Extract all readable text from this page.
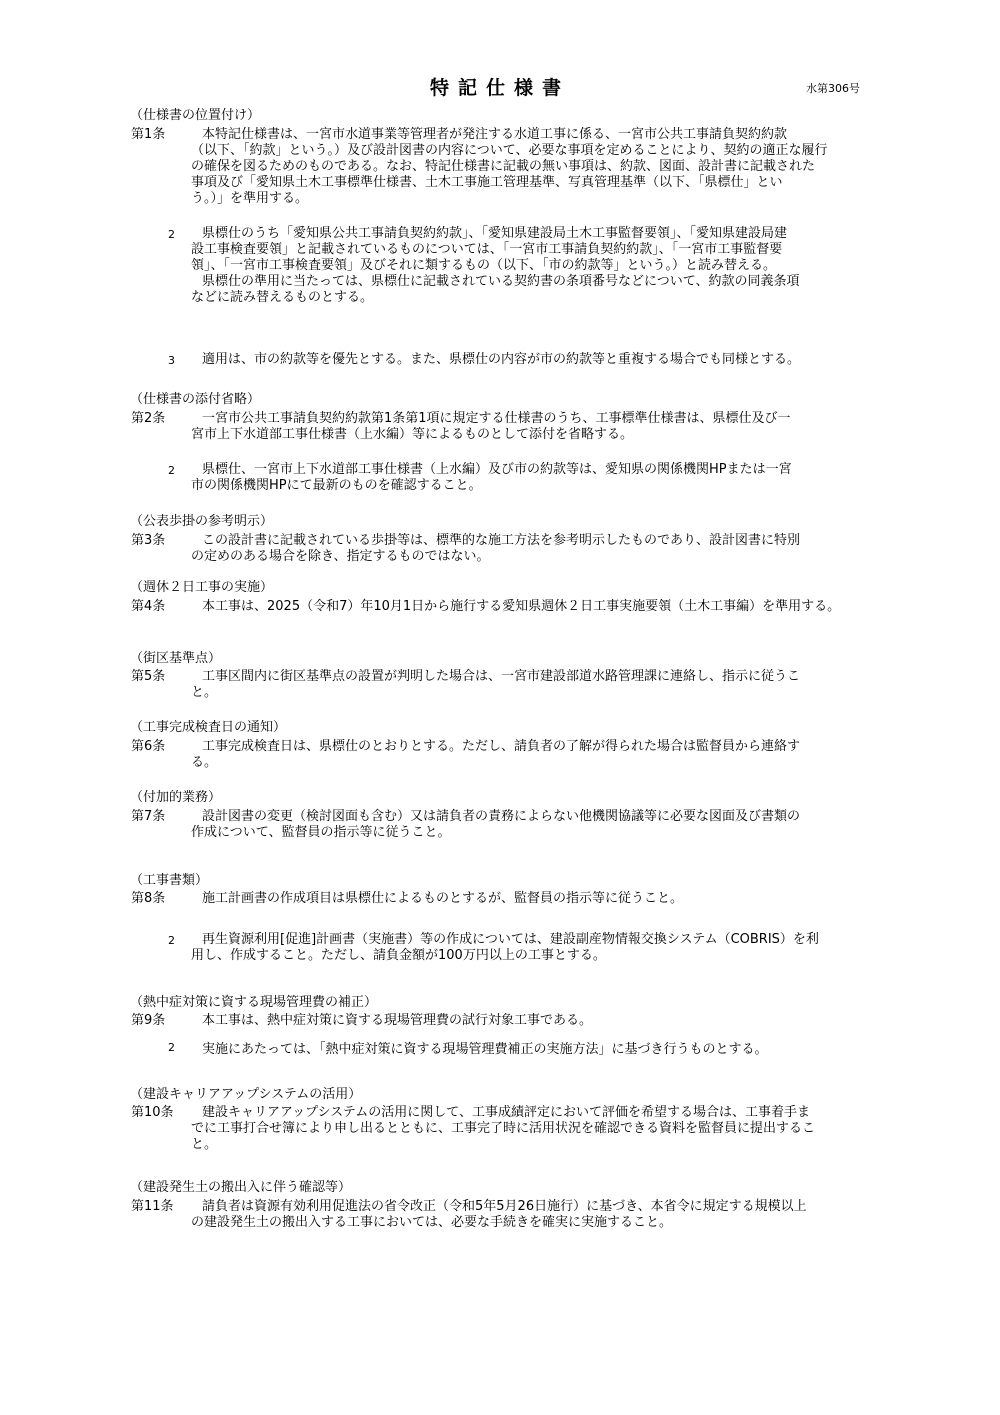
特記仕様書	水第306号
（仕様書の位置付け）
第1条	本特記仕様書は、一宮市水道事業等管理者が発注する水道工事に係る、一宮市公共工事請負契約約款
（以下、「約款」という。）及び設計図書の内容について、必要な事項を定めることにより、契約の適正な履行
の確保を図るためのものである。なお、特記仕様書に記載の無い事項は、約款、図面、設計書に記載された
事項及び「愛知県土木工事標準仕様書、土木工事施工管理基準、写真管理基準（以下、「県標仕」とい
う。）」を準用する。
2	県標仕のうち「愛知県公共工事請負契約約款」、「愛知県建設局土木工事監督要領」、「愛知県建設局建
設工事検査要領」と記載されているものについては、「一宮市工事請負契約約款」、「一宮市工事監督要
領」、「一宮市工事検査要領」及びそれに類するもの（以下、「市の約款等」という。）と読み替える。
県標仕の準用に当たっては、県標仕に記載されている契約書の条項番号などについて、約款の同義条項
などに読み替えるものとする。
3 適用は、市の約款等を優先とする。また、県標仕の内容が市の約款等と重複する場合でも同様とする。
（仕様書の添付省略）
第2条	一宮市公共工事請負契約約款第1条第1項に規定する仕様書のうち、工事標準仕様書は、県標仕及び一
宮市上下水道部工事仕様書（上水編）等によるものとして添付を省略する。
2	県標仕、一宮市上下水道部工事仕様書（上水編）及び市の約款等は、愛知県の関係機関HPまたは一宮
市の関係機関HPにて最新のものを確認すること。
（公表歩掛の参考明示）
第3条	この設計書に記載されている歩掛等は、標準的な施工方法を参考明示したものであり、設計図書に特別
の定めのある場合を除き、指定するものではない。
（週休２日工事の実施）
第4条	本工事は、2025（令和7）年10月1日から施行する愛知県週休２日工事実施要領（土木工事編）を準用する。
（街区基準点）
第5条	工事区間内に街区基準点の設置が判明した場合は、一宮市建設部道水路管理課に連絡し、指示に従うこ
と。
（工事完成検査日の通知）
第6条	工事完成検査日は、県標仕のとおりとする。ただし、請負者の了解が得られた場合は監督員から連絡す
る。
（付加的業務）
第7条	設計図書の変更（検討図面も含む）又は請負者の責務によらない他機関協議等に必要な図面及び書類の
作成について、監督員の指示等に従うこと。
（工事書類）
第8条	施工計画書の作成項目は県標仕によるものとするが、監督員の指示等に従うこと。
2	再生資源利用[促進]計画書（実施書）等の作成については、建設副産物情報交換システム（COBRIS）を利
用し、作成すること。ただし、請負金額が100万円以上の工事とする。
（熱中症対策に資する現場管理費の補正）
第9条	本工事は、熱中症対策に資する現場管理費の試行対象工事である。
2 実施にあたっては、「熱中症対策に資する現場管理費補正の実施方法」に基づき行うものとする。
（建設キャリアアップシステムの活用）
第10条	建設キャリアアップシステムの活用に関して、工事成績評定において評価を希望する場合は、工事着手ま
でに工事打合せ簿により申し出るとともに、工事完了時に活用状況を確認できる資料を監督員に提出するこ
と。
（建設発生土の搬出入に伴う確認等）
第11条	請負者は資源有効利用促進法の省令改正（令和5年5月26日施行）に基づき、本省令に規定する規模以上
の建設発生土の搬出入する工事においては、必要な手続きを確実に実施すること。
